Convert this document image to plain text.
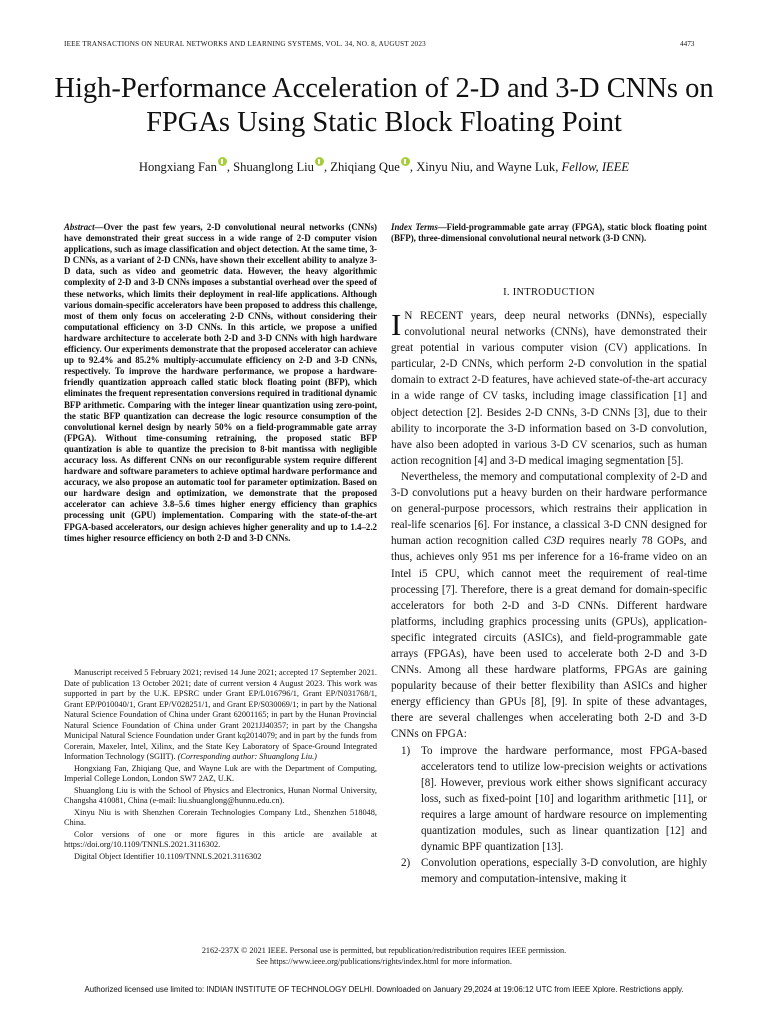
IEEE TRANSACTIONS ON NEURAL NETWORKS AND LEARNING SYSTEMS, VOL. 34, NO. 8, AUGUST 2023	4473
High-Performance Acceleration of 2-D and 3-D CNNs on FPGAs Using Static Block Floating Point
Hongxiang Fan , Shuanglong Liu , Zhiqiang Que , Xinyu Niu, and Wayne Luk, Fellow, IEEE
Abstract—Over the past few years, 2-D convolutional neural networks (CNNs) have demonstrated their great success in a wide range of 2-D computer vision applications, such as image classification and object detection. At the same time, 3-D CNNs, as a variant of 2-D CNNs, have shown their excellent ability to analyze 3-D data, such as video and geometric data. However, the heavy algorithmic complexity of 2-D and 3-D CNNs imposes a substantial overhead over the speed of these networks, which limits their deployment in real-life applications. Although various domain-specific accelerators have been proposed to address this challenge, most of them only focus on accelerating 2-D CNNs, without considering their computational efficiency on 3-D CNNs. In this article, we propose a unified hardware architecture to accelerate both 2-D and 3-D CNNs with high hardware efficiency. Our experiments demonstrate that the proposed accelerator can achieve up to 92.4% and 85.2% multiply-accumulate efficiency on 2-D and 3-D CNNs, respectively. To improve the hardware performance, we propose a hardware-friendly quantization approach called static block floating point (BFP), which eliminates the frequent representation conversions required in traditional dynamic BFP arithmetic. Comparing with the integer linear quantization using zero-point, the static BFP quantization can decrease the logic resource consumption of the convolutional kernel design by nearly 50% on a field-programmable gate array (FPGA). Without time-consuming retraining, the proposed static BFP quantization is able to quantize the precision to 8-bit mantissa with negligible accuracy loss. As different CNNs on our reconfigurable system require different hardware and software parameters to achieve optimal hardware performance and accuracy, we also propose an automatic tool for parameter optimization. Based on our hardware design and optimization, we demonstrate that the proposed accelerator can achieve 3.8–5.6 times higher energy efficiency than graphics processing unit (GPU) implementation. Comparing with the state-of-the-art FPGA-based accelerators, our design achieves higher generality and up to 1.4–2.2 times higher resource efficiency on both 2-D and 3-D CNNs.

Manuscript received 5 February 2021; revised 14 June 2021; accepted 17 September 2021. Date of publication 13 October 2021; date of current version 4 August 2023. This work was supported in part by the U.K. EPSRC under Grant EP/L016796/1, Grant EP/N031768/1, Grant EP/P010040/1, Grant EP/V028251/1, and Grant EP/S030069/1; in part by the National Natural Science Foundation of China under Grant 62001165; in part by the Hunan Provincial Natural Science Foundation of China under Grant 2021JJ40357; in part by the Changsha Municipal Natural Science Foundation under Grant kq2014079; and in part by the funds from Corerain, Maxeler, Intel, Xilinx, and the State Key Laboratory of Space-Ground Integrated Information Technology (SGIIT). (Corresponding author: Shuanglong Liu.)

Hongxiang Fan, Zhiqiang Que, and Wayne Luk are with the Department of Computing, Imperial College London, London SW7 2AZ, U.K.

Shuanglong Liu is with the School of Physics and Electronics, Hunan Normal University, Changsha 410081, China (e-mail: liu.shuanglong@hunnu.edu.cn).

Xinyu Niu is with Shenzhen Corerain Technologies Company Ltd., Shenzhen 518048, China.

Color versions of one or more figures in this article are available at https://doi.org/10.1109/TNNLS.2021.3116302.

Digital Object Identifier 10.1109/TNNLS.2021.3116302

Index Terms—Field-programmable gate array (FPGA), static block floating point (BFP), three-dimensional convolutional neural network (3-D CNN).
I. INTRODUCTION

I N RECENT years, deep neural networks (DNNs), especially convolutional neural networks (CNNs), have demonstrated their great potential in various computer vision (CV) applications. In particular, 2-D CNNs, which perform 2-D convolution in the spatial domain to extract 2-D features, have achieved state-of-the-art accuracy in a wide range of CV tasks, including image classification [1] and object detection [2]. Besides 2-D CNNs, 3-D CNNs [3], due to their ability to incorporate the 3-D information based on 3-D convolution, have also been adopted in various 3-D CV scenarios, such as human action recognition [4] and 3-D medical imaging segmentation [5].

Nevertheless, the memory and computational complexity of 2-D and 3-D convolutions put a heavy burden on their hardware performance on general-purpose processors, which restrains their application in real-life scenarios [6]. For instance, a classical 3-D CNN designed for human action recognition called C3D requires nearly 78 GOPs, and thus, achieves only 951 ms per inference for a 16-frame video on an Intel i5 CPU, which cannot meet the requirement of real-time processing [7]. Therefore, there is a great demand for domain-specific accelerators for both 2-D and 3-D CNNs. Different hardware platforms, including graphics processing units (GPUs), application-specific integrated circuits (ASICs), and field-programmable gate arrays (FPGAs), have been used to accelerate both 2-D and 3-D CNNs. Among all these hardware platforms, FPGAs are gaining popularity because of their better flexibility than ASICs and higher energy efficiency than GPUs [8], [9]. In spite of these advantages, there are several challenges when accelerating both 2-D and 3-D CNNs on FPGA:

1) To improve the hardware performance, most FPGA-based accelerators tend to utilize low-precision weights or activations [8]. However, previous work either shows significant accuracy loss, such as fixed-point [10] and logarithm arithmetic [11], or requires a large amount of hardware resource on implementing quantization modules, such as linear quantization [12] and dynamic BPF quantization [13].
2) Convolution operations, especially 3-D convolution, are highly memory and computation-intensive, making it
2162-237X © 2021 IEEE. Personal use is permitted, but republication/redistribution requires IEEE permission.
See https://www.ieee.org/publications/rights/index.html for more information.
Authorized licensed use limited to: INDIAN INSTITUTE OF TECHNOLOGY DELHI. Downloaded on January 29,2024 at 19:06:12 UTC from IEEE Xplore. Restrictions apply.
